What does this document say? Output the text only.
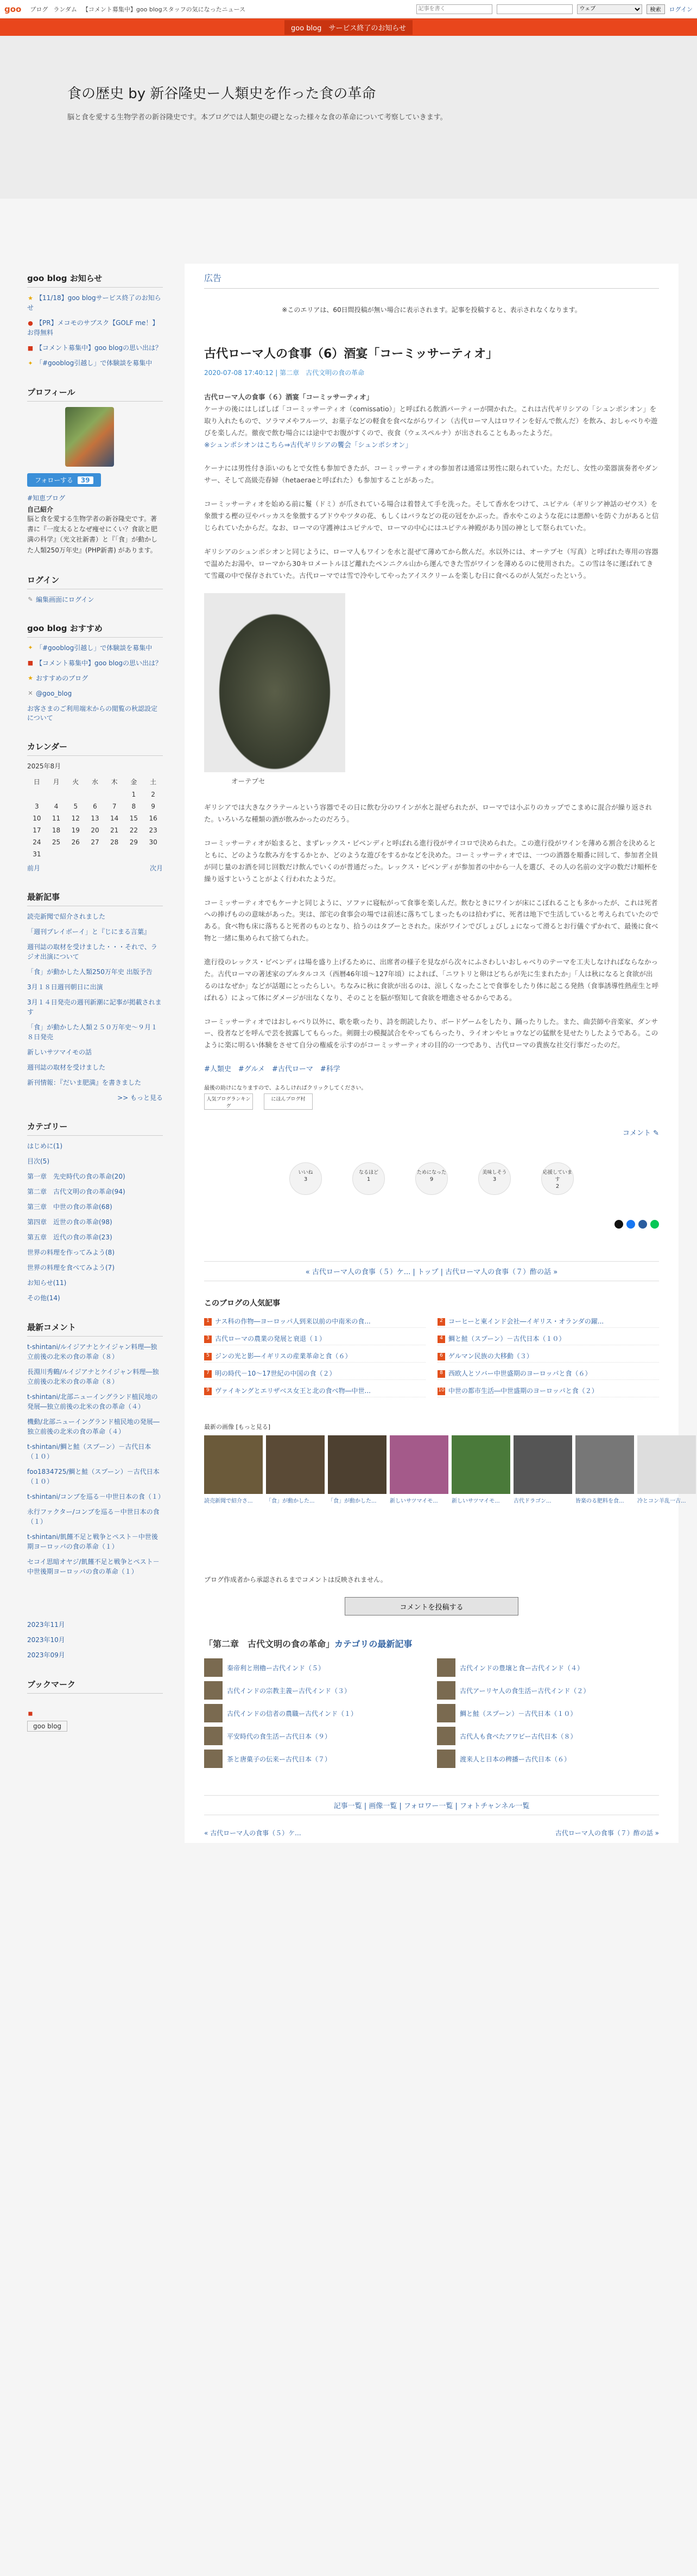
goo ブログ ランダム 【コメント募集中】goo blogスタッフの気になったニュース
記事を書く
ウェブ	検索	ログイン
goo blog　サービス終了のお知らせ
食の歴史 by 新谷隆史ー人類史を作った食の革命

脳と食を愛する生物学者の新谷隆史です。本ブログでは人類史の礎となった様々な食の革命について考察していきます。

goo blog お知らせ
★ 【11/18】goo blogサービス終了のお知らせ
● 【PR】メコモのサブスク【GOLF me！】お得無料
■ 【コメント募集中】goo blogの思い出は？
✦ 「#gooblog引越し」で体験談を募集中
プロフィール
フォローする 39
#知恵ブログ
自己紹介

脳と食を愛する生物学者の新谷隆史です。著書に『一度太るとなぜ痩せにくい？食欲と肥満の科学』（光文社新書）と『「食」が動かした人類250万年史』(PHP新書) があります。

ログイン
✎ 編集画面にログイン
goo blog おすすめ
✦ 「#gooblog引越し」で体験談を募集中
■ 【コメント募集中】goo blogの思い出は？
★ おすすめのブログ
✕ @goo_blog
お客さまのご利用端末からの閲覧の秋認設定について
カレンダー
2025年8月
日	月	火	水	木	金	土
					1	2
3	4	5	6	7	8	9
10	11	12	13	14	15	16
17	18	19	20	21	22	23
24	25	26	27	28	29	30
31						
前月	次月
最新記事
読売新聞で紹介されました
「週刊プレイボーイ」と『じにまる言葉』
週刊誌の取材を受けました・・・それで、ラジオ出演について
「食」が動かした人類250万年史 出版予告
3月１８日週刊朝日に出演
3月１４日発売の週刊新潮に記事が掲載されます
「食」が動かした人類２５０万年史～９月１８日発売
新しいサツマイモの話
週刊誌の取材を受けました
新刊情報：『だいま肥満』を書きました
>> もっと見る
カテゴリー
はじめに(1)
目次(5)
第一章　先史時代の食の革命(20)
第二章　古代文明の食の革命(94)
第三章　中世の食の革命(68)
第四章　近世の食の革命(98)
第五章　近代の食の革命(23)
世界の料理を作ってみよう(8)
世界の料理を食べてみよう(7)
お知らせ(11)
その他(14)
最新コメント
t-shintani/ルイジアナとケイジャン料理―独立前後の北米の食の革命（８）
長淵川秀鶴/ルイジアナとケイジャン料理―独立前後の北米の食の革命（８）
t-shintani/北部ニューイングランド植民地の発展―独立前後の北米の食の革命（４）
機動/北部ニューイングランド植民地の発展―独立前後の北米の食の革命（４）
t-shintani/鯛と鮭（スプーン）－古代日本（１０）
foo1834725/鯛と鮭（スプーン）－古代日本（１０）
t-shintani/コンブを巡る－中世日本の食（１）
永行ファクター/コンブを巡る－中世日本の食（１）
t-shintani/飢饉不足と戦争とペスト－中世後期ヨーロッパの食の革命（１）
セコイ思暗オヤジ/飢饉不足と戦争とペスト－中世後期ヨーロッパの食の革命（１）
2023年11月
2023年10月
2023年09月
ブックマーク
◼
goo blog
広告
※このエリアは、60日間投稿が無い場合に表示されます。記事を投稿すると、表示されなくなります。
古代ローマ人の食事（6）酒宴「コーミッサーティオ」
2020-07-08 17:40:12 | 第二章　古代文明の食の革命

古代ローマ人の食事（６）酒宴「コーミッサーティオ」
ケーナの後にはしばしば「コーミッサーティオ（comissatio）」と呼ばれる飲酒パーティーが開かれた。これは古代ギリシアの「シュンポシオン」を取り入れたもので、ソラマメやフルーツ、お菓子などの軽食を食べながらワイン（古代ローマ人はロワインを好んで飲んだ）を飲み、おしゃべりや遊びを楽しんだ。徹夜で飲む場合には途中でお腹がすくので、夜食（ウェスペルナ）が出されることもあったようだ。
※シュンポシオンはこちら⇒古代ギリシアの饗会「シュンポシオン」

ケーナには男性付き添いのもとで女性も参加できたが、コーミッサーティオの参加者は通常は男性に限られていた。ただし、女性の楽器演奏者やダンサー、そして高級売春婦（hetaeraeと呼ばれた）も参加することがあった。

コーミッサーティオを始める前に鬘（ドミ）が爪されている場合は着替えて手を洗った。そして香水をつけて、ユピテル（ギリシア神話のゼウス）を象徴する樫の豆やバッカスを象徴するブドウやツタの花、もしくはバラなどの花の冠をかぶった。香水やこのような花には悪酔いを防ぐ力があると信じられていたからだ。なお、ローマの守護神はユピテルで、ローマの中心にはユピテル神殿があり国の神として祭られていた。

ギリシアのシュンポシオンと同じように、ローマ人もワインを水と混ぜて薄めてから飲んだ。水以外には、オーテプセ（写真）と呼ばれた専用の容器で温めたお湯や、ローマから30キロメートルほど離れたペンニクル山から運んできた雪がワインを薄めるのに使用された。この雪は冬に運ばれてきて雪蔵の中で保存されていた。古代ローマでは雪で冷やしてやったアイスクリームを楽しむ日に食べるのが人気だったという。

オーテプセ

ギリシアでは大きなクラテールという容器でその日に飲む分のワインが水と混ぜられたが、ローマでは小ぶりのカップでこまめに混合が繰り返された。いろいろな種類の酒が飲みかったのだろう。

コーミッサーティオが始まると、まずレックス・ビベンディと呼ばれる進行役がサイコロで決められた。この進行役がワインを薄める割合を決めるとともに、どのような飲み方をするかとか、どのような遊びをするかなどを決めた。コーミッサーティオでは、一つの酒器を順番に回して、参加者全員が同じ量のお酒を同じ回数だけ飲んでいくのが普通だった。レックス・ビベンディが参加者の中から一人を選び、その人の名前の文字の数だけ順杯を繰り返すということがよく行われたようだ。

コーミッサーティオでもケーナと同じように、ソファに寝転がって食事を楽しんだ。飲むときにワインが床にこぼれることも多かったが、これは死者への捧げものの意味があった。実は、部宅の食事会の場では前述に落ちてしまったものは拾わずに、死者は地下で生活していると考えられていたのである。食べ物も床に落ちると死者のものとなり、拾うのはタブーとされた。床がワインでびしょびしょになって滑るとお行儀ぐずかれて、最後に食べ物と一緒に集められて捨てられた。

進行役のレックス・ビベンディは場を盛り上げるために、出席者の様子を見ながら次々にふさわしいおしゃべりのテーマを工夫しなければならなかった。古代ローマの著述家のプルタルコス（西暦46年頃～127年頃）によれば、「ニワトリと卵はどちらが先に生まれたか」「人は秋になると食欲が出るのはなぜか」などが話題にとったらしい。ちなみに秋に食欲が出るのは、涼しくなったことで食事をしたり体に起こる発熱（食事誘導性熱産生と呼ばれる）によって体にダメージが出なくなり、そのことを脳が察知して食欲を増進させるからである。

コーミッサーティオではおしゃべり以外に、歌を歌ったり、詩を朗読したり、ボードゲームをしたり、踊ったりした。また、曲芸師や音楽家、ダンサー、役者などを呼んで芸を披露してもらった。剣闘士の模擬試合をやってもらったり、ライオンやヒョウなどの猛獣を見せたりしたようである。このように楽に明るい体験をさせて自分の権威を示すのがコーミッサーティオの目的の一つであり、古代ローマの貴族な社交行事だったのだ。

#人類史　#グルメ　#古代ローマ　#科学
最後の助けになりますので、よろしければクリックしてください。
人気ブログランキング
にほんブログ村
コメント ✎
いいね
3
なるほど
1
ためになった
9
美味しそう
3
応援しています
2
« 古代ローマ人の食事（５）ケ... | トップ | 古代ローマ人の食事（７）酢の話 »
このブログの人気記事
1 ナス科の作物―ヨーロッパ人到来以前の中南米の食...	2 コーヒーと東インド会社―イギリス・オランダの躍...
3 古代ローマの農業の発展と衰退（１）	4 鯛と鮭（スプーン）－古代日本（１０）
5 ジンの光と影―イギリスの産業革命と食（６）	6 ゲルマン民族の大移動（３）
7 明の時代－10～17世紀の中国の食（２）	8 西欧人とソバー中世盛期のヨーロッパと食（６）
9 ヴァイキングとエリザベス女王と北の食べ物―中世...	10 中世の都市生活―中世盛期のヨーロッパと食（２）
最新の画像 [もっと見る]
読売新聞で紹介さ...	「食」が動かした...	「食」が動かした...	新しいサツマイモ...	新しいサツマイモ...	古代ドラゴン...	皆楽のる肥料を食...	冷とコン羊乱一古...
ブログ作成者から承認されるまでコメントは反映されません。
コメントを投稿する
「第二章　古代文明の食の革命」カテゴリの最新記事
秦帝利と刑櫓ー古代インド（５）	古代インドの豊壌と食ー古代インド（４）
古代インドの宗教主義ー古代インド（３）	古代アーリヤ人の食生活ー古代インド（２）
古代インドの信者の農職ー古代インド（１）	鯛と鮭（スプーン）－古代日本（１０）
平安時代の食生活ー古代日本（９）	古代人も食べたアワビー古代日本（８）
茶と唐菓子の伝来ー古代日本（７）	渡来人と日本の稗播ー古代日本（６）
記事一覧 | 画像一覧 | フォロワー一覧 | フォトチャンネル一覧
« 古代ローマ人の食事（５）ケ...	古代ローマ人の食事（７）酢の話 »
